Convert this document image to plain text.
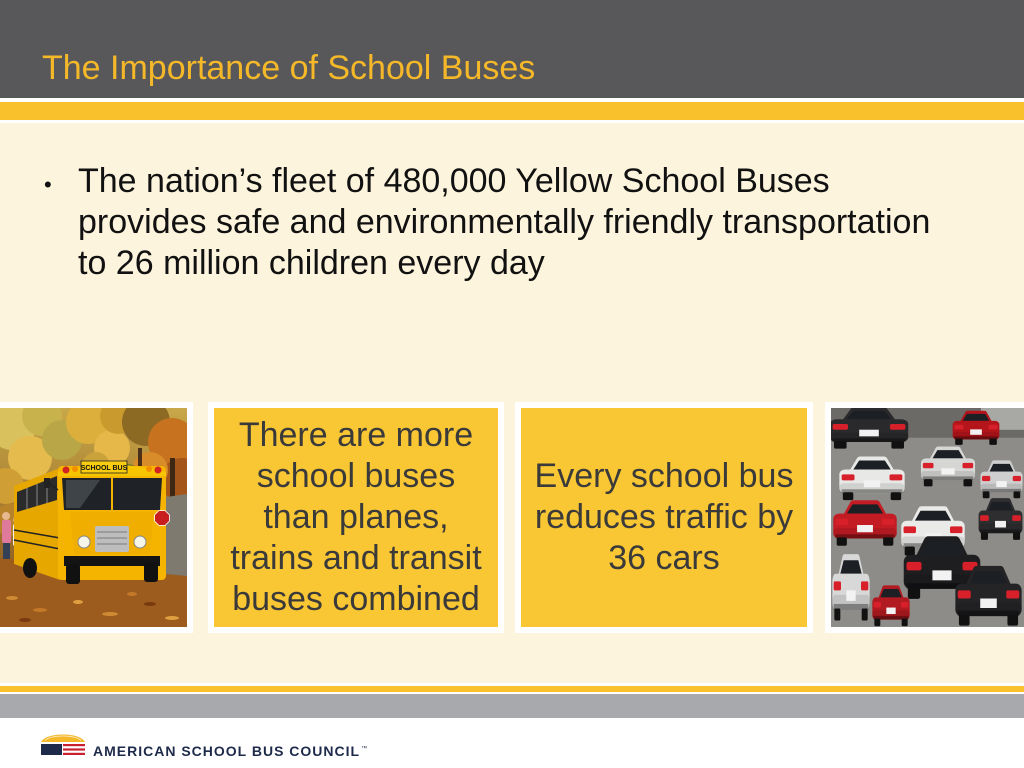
The Importance of School Buses
• The nation’s fleet of 480,000 Yellow School Buses provides safe and environmentally friendly transportation to 26 million children every day

SCHOOL BUS

There are more school buses than planes, trains and transit buses combined

Every school bus reduces traffic by 36 cars

AMERICAN SCHOOL BUS COUNCIL™
